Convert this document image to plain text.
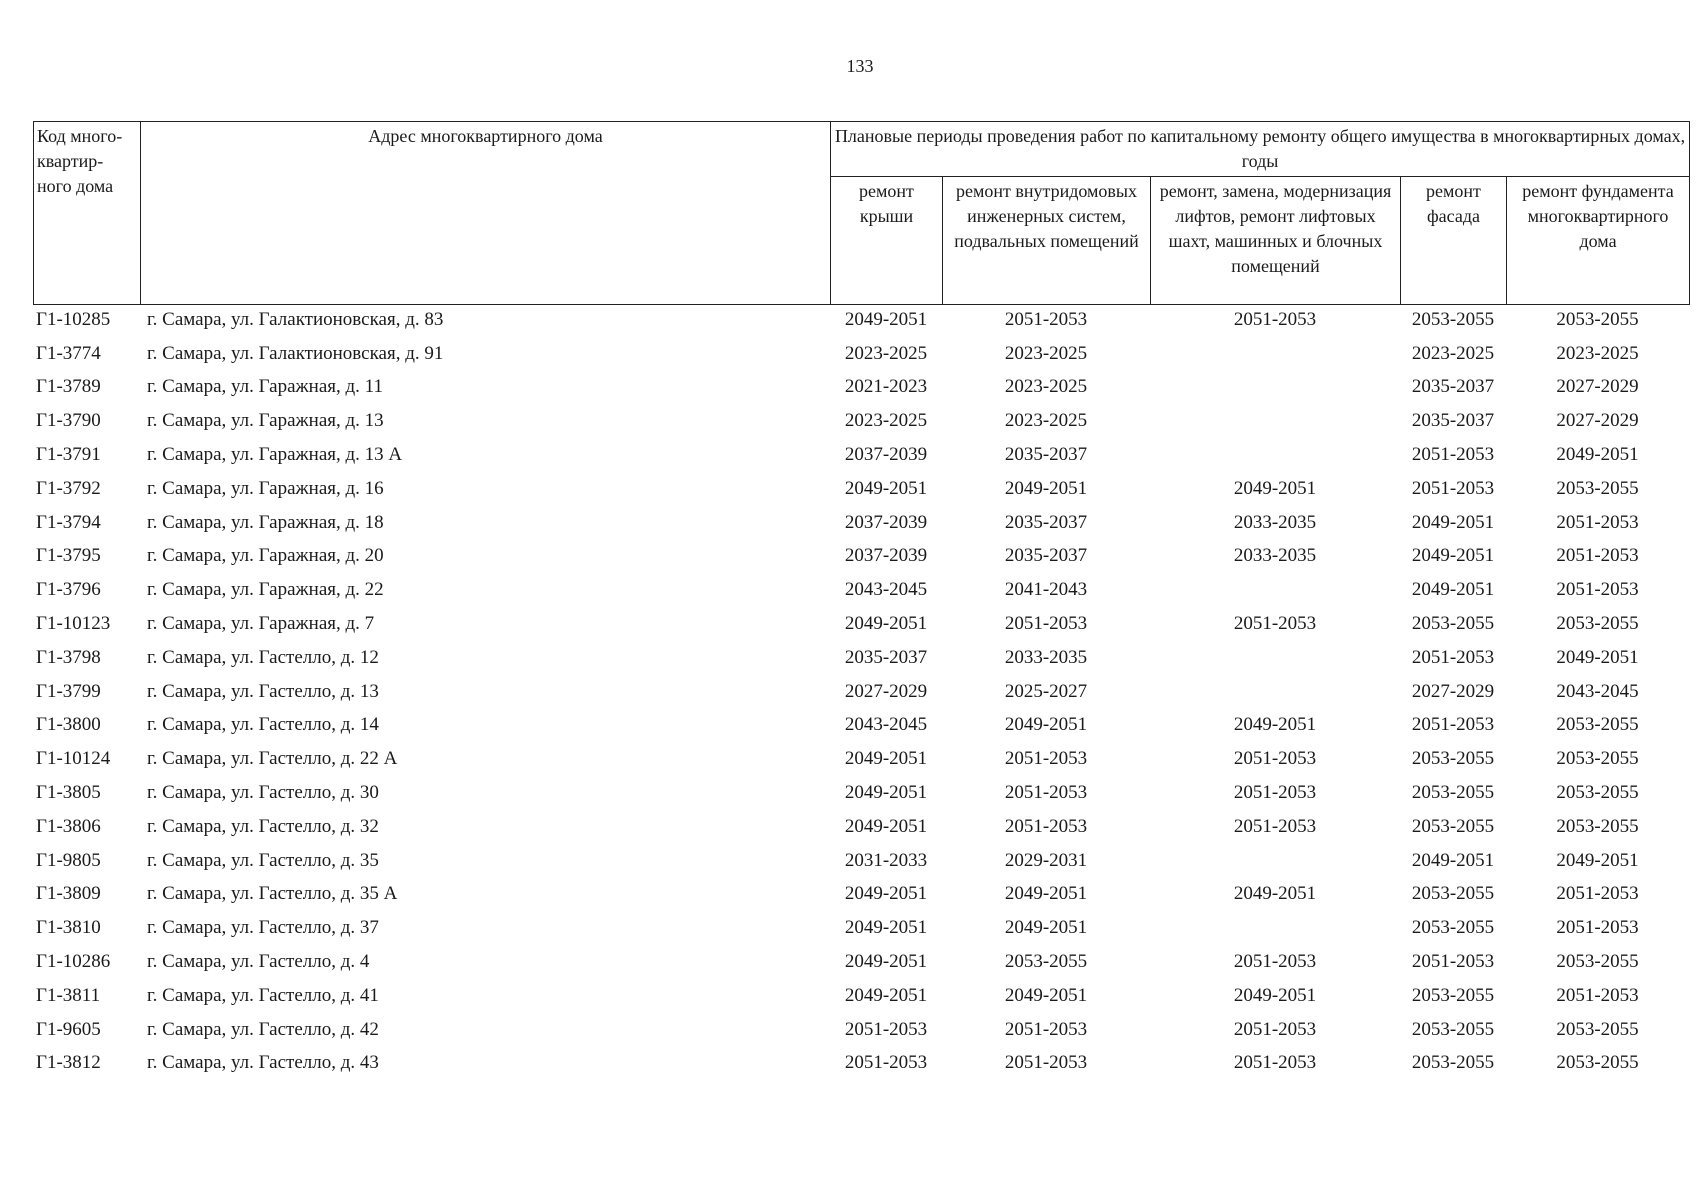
133
Код много-квартир-ного дома	Адрес многоквартирного дома	Плановые периоды проведения работ по капитальному ремонту общего имущества в многоквартирных домах, годы				
		ремонт крыши	ремонт внутридомовых инженерных систем, подвальных помещений	ремонт, замена, модернизация лифтов, ремонт лифтовых шахт, машинных и блочных помещений	ремонт фасада	ремонт фундамента многоквартирного дома
Г1-10285	г. Самара, ул. Галактионовская, д. 83	2049-2051	2051-2053	2051-2053	2053-2055	2053-2055
Г1-3774	г. Самара, ул. Галактионовская, д. 91	2023-2025	2023-2025		2023-2025	2023-2025
Г1-3789	г. Самара, ул. Гаражная, д. 11	2021-2023	2023-2025		2035-2037	2027-2029
Г1-3790	г. Самара, ул. Гаражная, д. 13	2023-2025	2023-2025		2035-2037	2027-2029
Г1-3791	г. Самара, ул. Гаражная, д. 13 А	2037-2039	2035-2037		2051-2053	2049-2051
Г1-3792	г. Самара, ул. Гаражная, д. 16	2049-2051	2049-2051	2049-2051	2051-2053	2053-2055
Г1-3794	г. Самара, ул. Гаражная, д. 18	2037-2039	2035-2037	2033-2035	2049-2051	2051-2053
Г1-3795	г. Самара, ул. Гаражная, д. 20	2037-2039	2035-2037	2033-2035	2049-2051	2051-2053
Г1-3796	г. Самара, ул. Гаражная, д. 22	2043-2045	2041-2043		2049-2051	2051-2053
Г1-10123	г. Самара, ул. Гаражная, д. 7	2049-2051	2051-2053	2051-2053	2053-2055	2053-2055
Г1-3798	г. Самара, ул. Гастелло, д. 12	2035-2037	2033-2035		2051-2053	2049-2051
Г1-3799	г. Самара, ул. Гастелло, д. 13	2027-2029	2025-2027		2027-2029	2043-2045
Г1-3800	г. Самара, ул. Гастелло, д. 14	2043-2045	2049-2051	2049-2051	2051-2053	2053-2055
Г1-10124	г. Самара, ул. Гастелло, д. 22 А	2049-2051	2051-2053	2051-2053	2053-2055	2053-2055
Г1-3805	г. Самара, ул. Гастелло, д. 30	2049-2051	2051-2053	2051-2053	2053-2055	2053-2055
Г1-3806	г. Самара, ул. Гастелло, д. 32	2049-2051	2051-2053	2051-2053	2053-2055	2053-2055
Г1-9805	г. Самара, ул. Гастелло, д. 35	2031-2033	2029-2031		2049-2051	2049-2051
Г1-3809	г. Самара, ул. Гастелло, д. 35 А	2049-2051	2049-2051	2049-2051	2053-2055	2051-2053
Г1-3810	г. Самара, ул. Гастелло, д. 37	2049-2051	2049-2051		2053-2055	2051-2053
Г1-10286	г. Самара, ул. Гастелло, д. 4	2049-2051	2053-2055	2051-2053	2051-2053	2053-2055
Г1-3811	г. Самара, ул. Гастелло, д. 41	2049-2051	2049-2051	2049-2051	2053-2055	2051-2053
Г1-9605	г. Самара, ул. Гастелло, д. 42	2051-2053	2051-2053	2051-2053	2053-2055	2053-2055
Г1-3812	г. Самара, ул. Гастелло, д. 43	2051-2053	2051-2053	2051-2053	2053-2055	2053-2055
